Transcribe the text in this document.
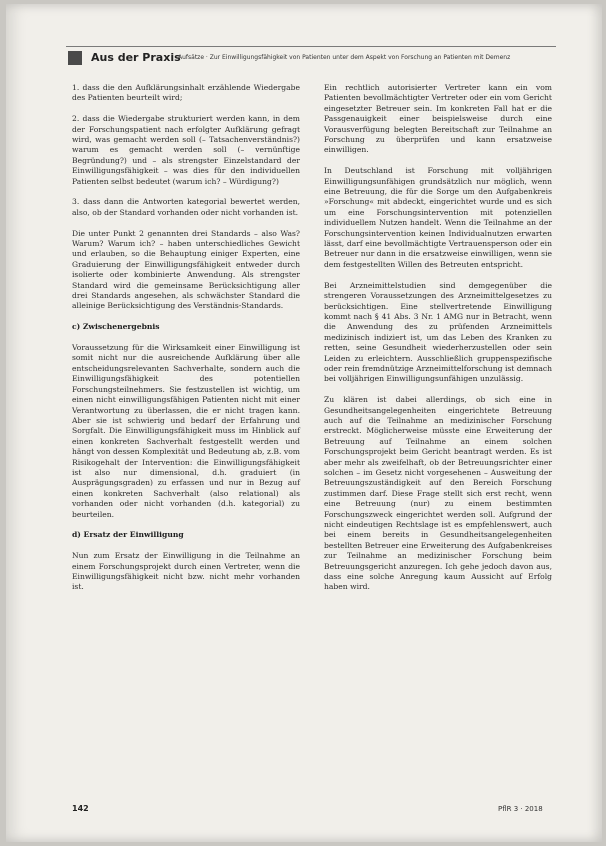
Aus der Praxis
Aufsätze · Zur Einwilligungsfähigkeit von Patienten unter dem Aspekt von Forschung an Patienten mit Demenz

1. dass die den Aufklärungsinhalt erzählende Wiedergabe des Patienten beurteilt wird;

2. dass die Wiedergabe strukturiert werden kann, in dem der Forschungspatient nach erfolgter Aufklärung gefragt wird, was gemacht werden soll (– Tatsachenverständnis?) warum es gemacht werden soll (– vernünftige Begründung?) und – als strengster Einzelstandard der Einwilligungsfähigkeit – was dies für den individuellen Patienten selbst bedeutet (warum ich? – Würdigung?)

3. dass dann die Antworten kategorial bewertet werden, also, ob der Standard vorhanden oder nicht vorhanden ist.

Die unter Punkt 2 genannten drei Standards – also Was? Warum? Warum ich? – haben unterschiedliches Gewicht und erlauben, so die Behauptung einiger Experten, eine Graduierung der Einwilligungsfähigkeit entweder durch isolierte oder kombinierte Anwendung. Als strengster Standard wird die gemeinsame Berücksichtigung aller drei Standards angesehen, als schwächster Standard die alleinige Berücksichtigung des Verständnis-Standards.

c) Zwischenergebnis

Voraussetzung für die Wirksamkeit einer Einwilligung ist somit nicht nur die ausreichende Aufklärung über alle entscheidungsrelevanten Sachverhalte, sondern auch die Einwilligungsfähigkeit des potentiellen Forschungsteilnehmers. Sie festzustellen ist wichtig, um einen nicht einwilligungsfähigen Patienten nicht mit einer Verantwortung zu überlassen, die er nicht tragen kann. Aber sie ist schwierig und bedarf der Erfahrung und Sorgfalt. Die Einwilligungsfähigkeit muss im Hinblick auf einen konkreten Sachverhalt festgestellt werden und hängt von dessen Komplexität und Bedeutung ab, z.B. vom Risikogehalt der Intervention: die Einwilligungsfähigkeit ist also nur dimensional, d.h. graduiert (in Ausprägungsgraden) zu erfassen und nur in Bezug auf einen konkreten Sachverhalt (also relational) als vorhanden oder nicht vorhanden (d.h. kategorial) zu beurteilen.

d) Ersatz der Einwilligung

Nun zum Ersatz der Einwilligung in die Teilnahme an einem Forschungsprojekt durch einen Vertreter, wenn die Einwilligungsfähigkeit nicht bzw. nicht mehr vorhanden ist.

Ein rechtlich autorisierter Vertreter kann ein vom Patienten bevollmächtigter Vertreter oder ein vom Gericht eingesetzter Betreuer sein. Im konkreten Fall hat er die Passgenauigkeit einer beispielsweise durch eine Vorausverfügung belegten Bereitschaft zur Teilnahme an Forschung zu überprüfen und kann ersatzweise einwilligen.

In Deutschland ist Forschung mit volljährigen Einwilligungsunfähigen grundsätzlich nur möglich, wenn eine Betreuung, die für die Sorge um den Aufgabenkreis »Forschung« mit abdeckt, eingerichtet wurde und es sich um eine Forschungsintervention mit potenziellen individuellem Nutzen handelt. Wenn die Teilnahme an der Forschungsintervention keinen Individualnutzen erwarten lässt, darf eine bevollmächtigte Vertrauensperson oder ein Betreuer nur dann in die ersatzweise einwilligen, wenn sie dem festgestellten Willen des Betreuten entspricht.

Bei Arzneimittelstudien sind demgegenüber die strengeren Voraussetzungen des Arzneimittelgesetzes zu berücksichtigen. Eine stellvertretende Einwilligung kommt nach § 41 Abs. 3 Nr. 1 AMG nur in Betracht, wenn die Anwendung des zu prüfenden Arzneimittels medizinisch indiziert ist, um das Leben des Kranken zu retten, seine Gesundheit wiederherzustellen oder sein Leiden zu erleichtern. Ausschließlich gruppenspezifische oder rein fremdnützige Arzneimittelforschung ist demnach bei volljährigen Einwilligungsunfähigen unzulässig.

Zu klären ist dabei allerdings, ob sich eine in Gesundheitsangelegenheiten eingerichtete Betreuung auch auf die Teilnahme an medizinischer Forschung erstreckt. Möglicherweise müsste eine Erweiterung der Betreuung auf Teilnahme an einem solchen Forschungsprojekt beim Gericht beantragt werden. Es ist aber mehr als zweifelhaft, ob der Betreuungsrichter einer solchen – im Gesetz nicht vorgesehenen – Ausweitung der Betreuungszuständigkeit auf den Bereich Forschung zustimmen darf. Diese Frage stellt sich erst recht, wenn eine Betreuung (nur) zu einem bestimmten Forschungszweck eingerichtet werden soll. Aufgrund der nicht eindeutigen Rechtslage ist es empfehlenswert, auch bei einem bereits in Gesundheitsangelegenheiten bestellten Betreuer eine Erweiterung des Aufgabenkreises zur Teilnahme an medizinischer Forschung beim Betreuungsgericht anzuregen. Ich gehe jedoch davon aus, dass eine solche Anregung kaum Aussicht auf Erfolg haben wird.

142	PflR 3 · 2018
